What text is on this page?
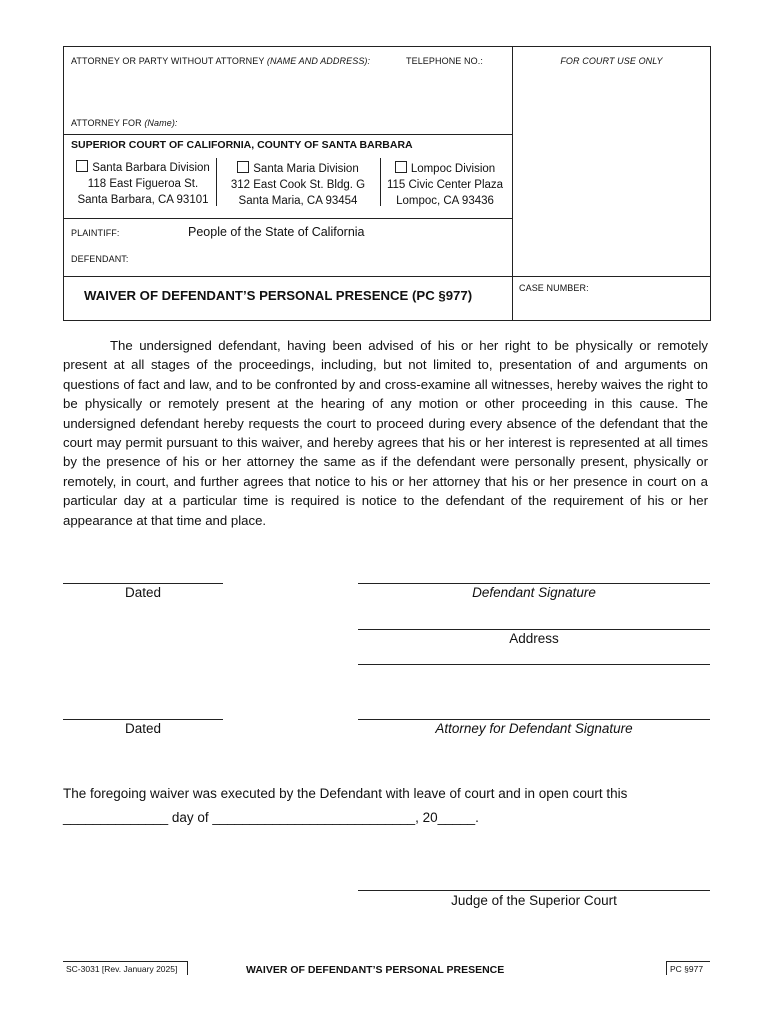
ATTORNEY OR PARTY WITHOUT ATTORNEY (NAME AND ADDRESS):	TELEPHONE NO.:	FOR COURT USE ONLY
ATTORNEY FOR (Name):
SUPERIOR COURT OF CALIFORNIA, COUNTY OF SANTA BARBARA
Santa Barbara Division
118 East Figueroa St.
Santa Barbara, CA 93101
Santa Maria Division
312 East Cook St. Bldg. G
Santa Maria, CA 93454
Lompoc Division
115 Civic Center Plaza
Lompoc, CA 93436
PLAINTIFF:	People of the State of California
DEFENDANT:
WAIVER OF DEFENDANT’S PERSONAL PRESENCE (PC §977)	CASE NUMBER:
The undersigned defendant, having been advised of his or her right to be physically or remotely present at all stages of the proceedings, including, but not limited to, presentation of and arguments on questions of fact and law, and to be confronted by and cross-examine all witnesses, hereby waives the right to be physically or remotely present at the hearing of any motion or other proceeding in this cause. The undersigned defendant hereby requests the court to proceed during every absence of the defendant that the court may permit pursuant to this waiver, and hereby agrees that his or her interest is represented at all times by the presence of his or her attorney the same as if the defendant were personally present, physically or remotely, in court, and further agrees that notice to his or her attorney that his or her presence in court on a particular day at a particular time is required is notice to the defendant of the requirement of his or her appearance at that time and place.
Dated	Defendant Signature
Address
Dated	Attorney for Defendant Signature
The foregoing waiver was executed by the Defendant with leave of court and in open court this
______________ day of ___________________________, 20_____.
Judge of the Superior Court
SC-3031 [Rev. January 2025]	WAIVER OF DEFENDANT’S PERSONAL PRESENCE	PC §977
